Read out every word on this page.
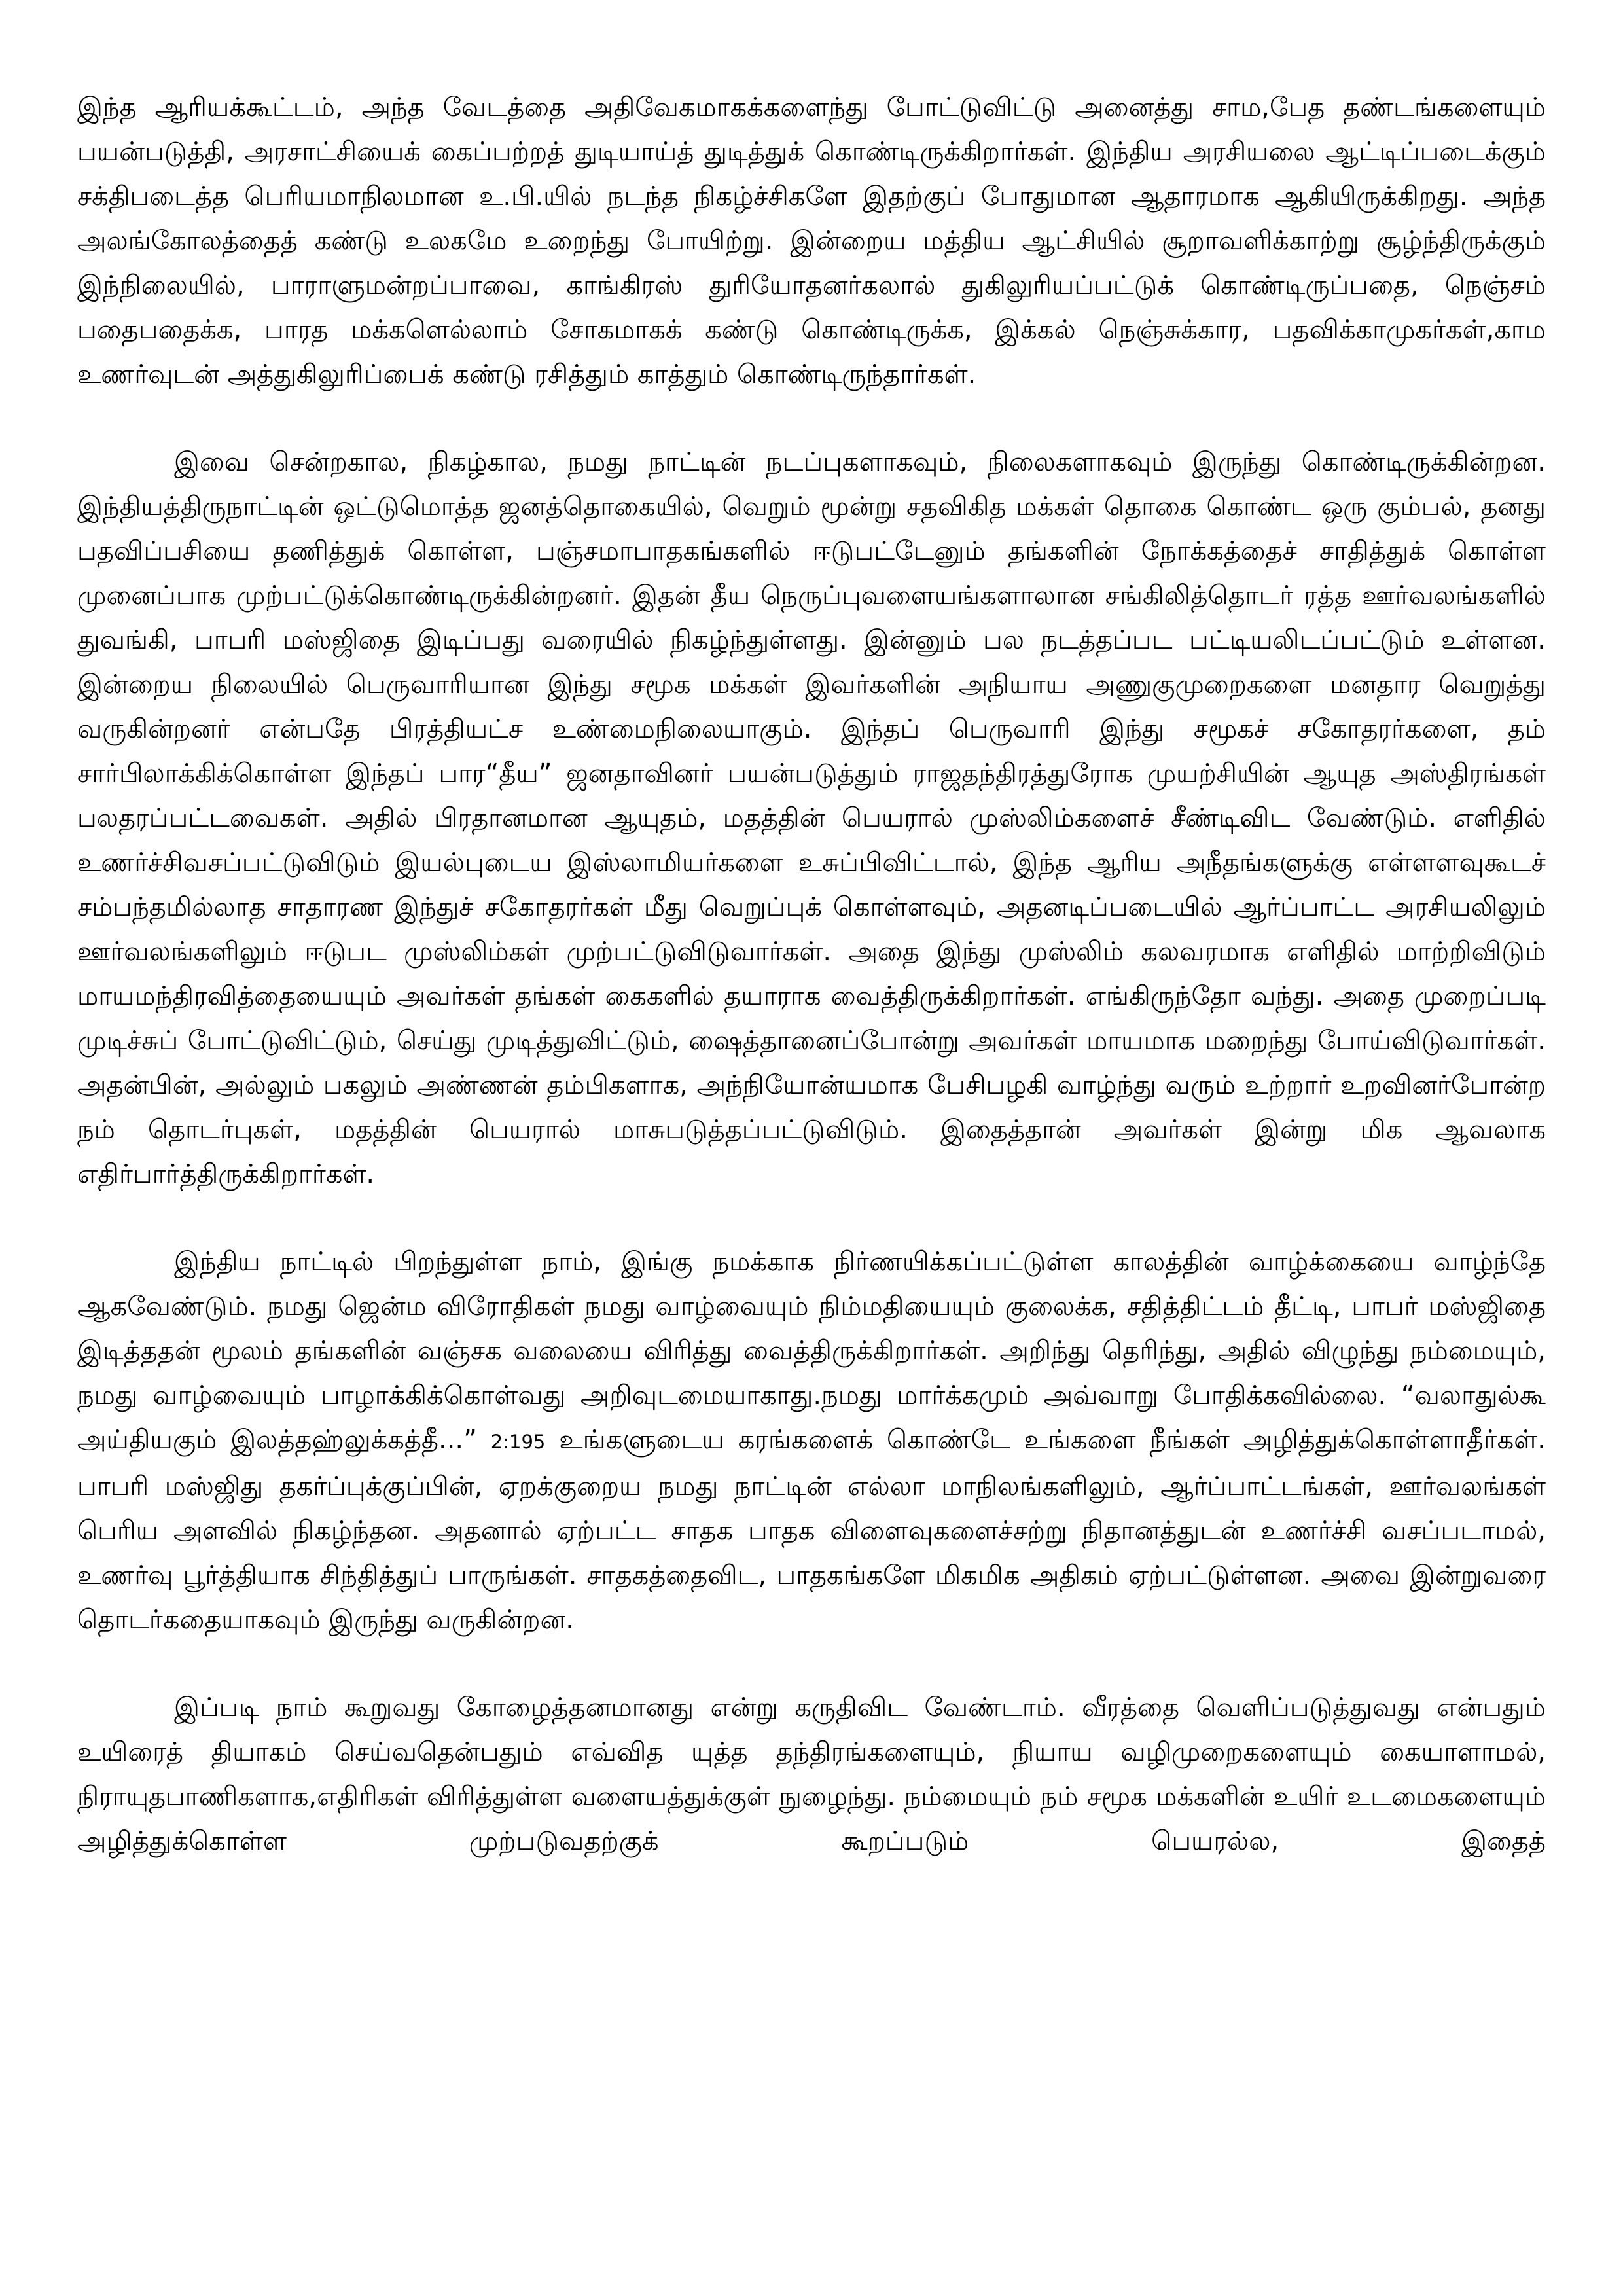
இந்த ஆரியக்கூட்டம், அந்த வேடத்தை அதிவேகமாகக்களைந்து போட்டுவிட்டு அனைத்து சாம,பேத தண்டங்களையும் பயன்படுத்தி, அரசாட்சியைக் கைப்பற்றத் துடியாய்த் துடித்துக் கொண்டிருக்கிறார்கள். இந்திய அரசியலை ஆட்டிப்படைக்கும் சக்திபடைத்த பெரியமாநிலமான உ.பி.யில் நடந்த நிகழ்ச்சிகளே இதற்குப் போதுமான ஆதாரமாக ஆகியிருக்கிறது. அந்த அலங்கோலத்தைத் கண்டு உலகமே உறைந்து போயிற்று. இன்றைய மத்திய ஆட்சியில் சூறாவளிக்காற்று சூழ்ந்திருக்கும் இந்நிலையில், பாராளுமன்றப்பாவை, காங்கிரஸ் துரியோதனர்கலால் துகிலுரியப்பட்டுக் கொண்டிருப்பதை, நெஞ்சம் பதைபதைக்க, பாரத மக்களெல்லாம் சோகமாகக் கண்டு கொண்டிருக்க, இக்கல் நெஞ்சுக்கார, பதவிக்காமுகர்கள்,காம உணர்வுடன் அத்துகிலுரிப்பைக் கண்டு ரசித்தும் காத்தும் கொண்டிருந்தார்கள்.

இவை சென்றகால, நிகழ்கால, நமது நாட்டின் நடப்புகளாகவும், நிலைகளாகவும் இருந்து கொண்டிருக்கின்றன. இந்தியத்திருநாட்டின் ஒட்டுமொத்த ஜனத்தொகையில், வெறும் மூன்று சதவிகித மக்கள் தொகை கொண்ட ஒரு கும்பல், தனது பதவிப்பசியை தணித்துக் கொள்ள, பஞ்சமாபாதகங்களில் ஈடுபட்டேனும் தங்களின் நோக்கத்தைச் சாதித்துக் கொள்ள முனைப்பாக முற்பட்டுக்கொண்டிருக்கின்றனர். இதன் தீய நெருப்புவளையங்களாலான சங்கிலித்தொடர் ரத்த ஊர்வலங்களில் துவங்கி, பாபரி மஸ்ஜிதை இடிப்பது வரையில் நிகழ்ந்துள்ளது. இன்னும் பல நடத்தப்பட பட்டியலிடப்பட்டும் உள்ளன. இன்றைய நிலையில் பெருவாரியான இந்து சமூக மக்கள் இவர்களின் அநியாய அணுகுமுறைகளை மனதார வெறுத்து வருகின்றனர் என்பதே பிரத்தியட்ச உண்மைநிலையாகும். இந்தப் பெருவாரி இந்து சமூகச் சகோதரர்களை, தம் சார்பிலாக்கிக்கொள்ள இந்தப் பார“தீய” ஜனதாவினர் பயன்படுத்தும் ராஜதந்திரத்துரோக முயற்சியின் ஆயுத அஸ்திரங்கள் பலதரப்பட்டவைகள். அதில் பிரதானமான ஆயுதம், மதத்தின் பெயரால் முஸ்லிம்களைச் சீண்டிவிட வேண்டும். எளிதில் உணர்ச்சிவசப்பட்டுவிடும் இயல்புடைய இஸ்லாமியர்களை உசுப்பிவிட்டால், இந்த ஆரிய அநீதங்களுக்கு எள்ளளவுகூடச் சம்பந்தமில்லாத சாதாரண இந்துச் சகோதரர்கள் மீது வெறுப்புக் கொள்ளவும், அதனடிப்படையில் ஆர்ப்பாட்ட அரசியலிலும் ஊர்வலங்களிலும் ஈடுபட முஸ்லிம்கள் முற்பட்டுவிடுவார்கள். அதை இந்து முஸ்லிம் கலவரமாக எளிதில் மாற்றிவிடும் மாயமந்திரவித்தையையும் அவர்கள் தங்கள் கைகளில் தயாராக வைத்திருக்கிறார்கள். எங்கிருந்தோ வந்து. அதை முறைப்படி முடிச்சுப் போட்டுவிட்டும், செய்து முடித்துவிட்டும், ஷைத்தானைப்போன்று அவர்கள் மாயமாக மறைந்து போய்விடுவார்கள். அதன்பின், அல்லும் பகலும் அண்ணன் தம்பிகளாக, அந்நியோன்யமாக பேசிபழகி வாழ்ந்து வரும் உற்றார் உறவினர்போன்ற நம் தொடர்புகள், மதத்தின் பெயரால் மாசுபடுத்தப்பட்டுவிடும். இதைத்தான் அவர்கள் இன்று மிக ஆவலாக எதிர்பார்த்திருக்கிறார்கள்.

இந்திய நாட்டில் பிறந்துள்ள நாம், இங்கு நமக்காக நிர்ணயிக்கப்பட்டுள்ள காலத்தின் வாழ்க்கையை வாழ்ந்தே ஆகவேண்டும். நமது ஜென்ம விரோதிகள் நமது வாழ்வையும் நிம்மதியையும் குலைக்க, சதித்திட்டம் தீட்டி, பாபர் மஸ்ஜிதை இடித்ததன் மூலம் தங்களின் வஞ்சக வலையை விரித்து வைத்திருக்கிறார்கள். அறிந்து தெரிந்து, அதில் விழுந்து நம்மையும், நமது வாழ்வையும் பாழாக்கிக்கொள்வது அறிவுடமையாகாது.நமது மார்க்கமும் அவ்வாறு போதிக்கவில்லை. “வலாதுல்கூ அய்தியகும் இலத்தஹ்லுக்கத்தீ...” 2:195 உங்களுடைய கரங்களைக் கொண்டே உங்களை நீங்கள் அழித்துக்கொள்ளாதீர்கள். பாபரி மஸ்ஜிது தகர்ப்புக்குப்பின், ஏறக்குறைய நமது நாட்டின் எல்லா மாநிலங்களிலும், ஆர்ப்பாட்டங்கள், ஊர்வலங்கள் பெரிய அளவில் நிகழ்ந்தன. அதனால் ஏற்பட்ட சாதக பாதக விளைவுகளைச்சற்று நிதானத்துடன் உணர்ச்சி வசப்படாமல், உணர்வு பூர்த்தியாக சிந்தித்துப் பாருங்கள். சாதகத்தைவிட, பாதகங்களே மிகமிக அதிகம் ஏற்பட்டுள்ளன. அவை இன்றுவரை தொடர்கதையாகவும் இருந்து வருகின்றன.

இப்படி நாம் கூறுவது கோழைத்தனமானது என்று கருதிவிட வேண்டாம். வீரத்தை வெளிப்படுத்துவது என்பதும் உயிரைத் தியாகம் செய்வதென்பதும் எவ்வித யுத்த தந்திரங்களையும், நியாய வழிமுறைகளையும் கையாளாமல், நிராயுதபாணிகளாக,எதிரிகள் விரித்துள்ள வளையத்துக்குள் நுழைந்து. நம்மையும் நம் சமூக மக்களின் உயிர் உடமைகளையும் அழித்துக்கொள்ள முற்படுவதற்குக் கூறப்படும் பெயரல்ல, இதைத்
